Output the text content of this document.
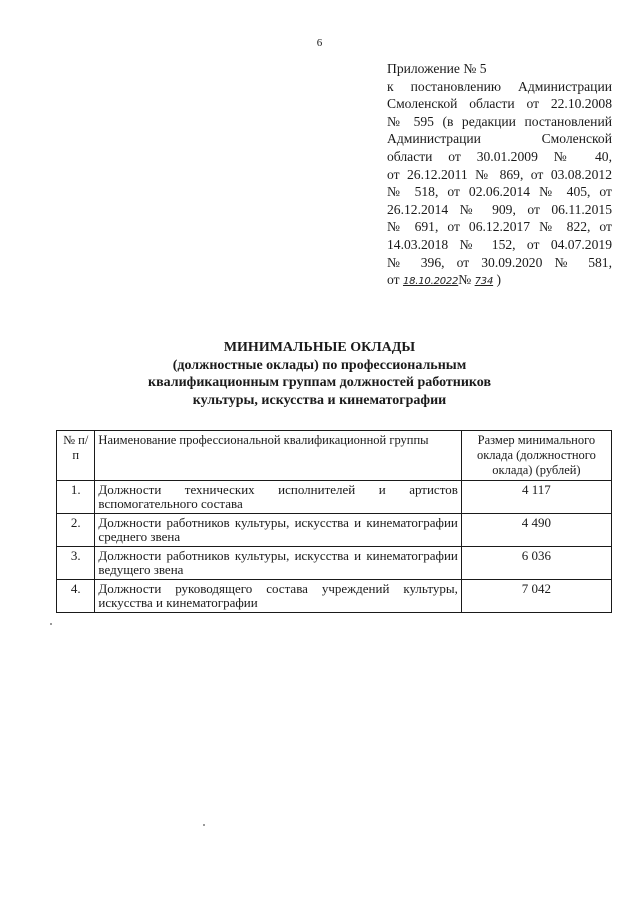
6
Приложение № 5
к постановлению Администрации
Смоленской области от 22.10.2008
№ 595 (в редакции постановлений
Администрации Смоленской
области от 30.01.2009 № 40,
от 26.12.2011 № 869, от 03.08.2012
№ 518, от 02.06.2014 № 405, от
26.12.2014 № 909, от 06.11.2015
№ 691, от 06.12.2017 № 822, от
14.03.2018 № 152, от 04.07.2019
№ 396, от 30.09.2020 № 581,
от 18.10.2022№ 734 )
МИНИМАЛЬНЫЕ ОКЛАДЫ
(должностные оклады) по профессиональным
квалификационным группам должностей работников
культуры, искусства и кинематографии
№ п/п	Наименование профессиональной квалификационной группы	Размер минимального оклада (должностного оклада) (рублей)
1.	Должности технических исполнителей и артистов вспомогательного состава	4 117
2.	Должности работников культуры, искусства и кинематографии среднего звена	4 490
3.	Должности работников культуры, искусства и кинематографии ведущего звена	6 036
4.	Должности руководящего состава учреждений культуры, искусства и кинематографии	7 042
